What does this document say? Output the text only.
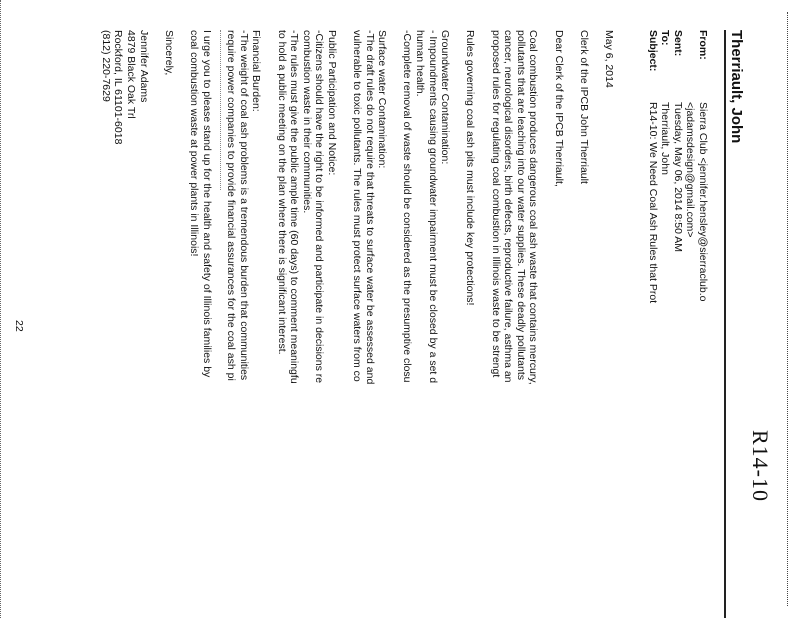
R14-10
Therriault, John
From:
Sierra Club <jennifer.hensley@sierraclub.o
<jadamsdesign@gmail.com>
Sent:
Tuesday, May 06, 2014 8:50 AM
To:
Therriault, John
Subject:
R14-10: We Need Coal Ash Rules that Prot

May 6, 2014

Clerk of the IPCB John Therriault

Dear Clerk of the IPCB Therriault,

Coal combustion produces dangerous coal ash waste that contains mercury,

pollutants that are leaching into our water supplies. These deadly pollutants

cancer, neurological disorders, birth defects, reproductive failure, asthma an

proposed rules for regulating coal combustion in Illinois waste to be strengt

Rules governing coal ash pits must include key protections!

Groundwater Contamination:

- Impoundments causing groundwater impairment must be closed by a set d

human health.

-Complete removal of waste should be considered as the presumptive closu

Surface water Contamination:

-The draft rules do not require that threats to surface water be assessed and

vulnerable to toxic pollutants. The rules must protect surface waters from co

Public Participation and Notice:

-Citizens should have the right to be informed and participate in decisions re

combustion waste in their communities.

-The rules must give the public ample time (60 days) to comment meaningfu

to hold a public meeting on the plan where there is significant interest.

Financial Burden:

-The weight of coal ash problems is a tremendous burden that communities

require power companies to provide financial assurances for the coal ash pi

I urge you to please stand up for the health and safety of Illinois families by

coal combustion waste at power plants in Illinois!

Sincerely,

Jennifer Adams

4879 Black Oak Trl

Rockford, IL 61101-6018

(812) 220-7629

22
